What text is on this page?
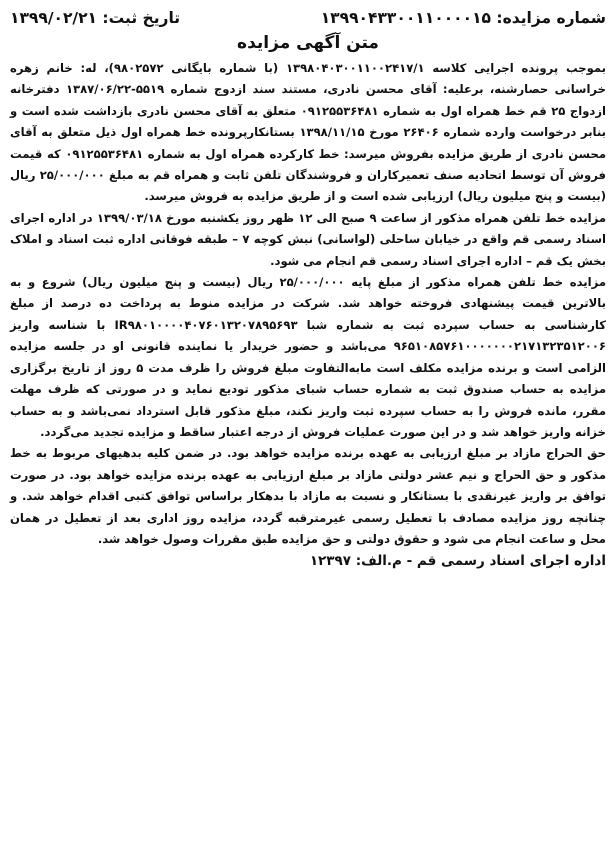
شماره مزایده: ۱۳۹۹۰۴۳۳۰۰۱۱۰۰۰۰۱۵
تاریخ ثبت: ۱۳۹۹/۰۲/۲۱
متن آگهی مزایده

بموجب پرونده اجرایی کلاسه ۱۳۹۸۰۴۰۳۰۰۱۱۰۰۲۴۱۷/۱ (با شماره بایگانی ۹۸۰۲۵۷۲)، له: خانم زهره خراسانی حصارشنه، برعلیه: آقای محسن نادری، مستند سند ازدوج شماره ۵۵۱۹-۱۳۸۷/۰۶/۲۲ دفترخانه ازدواج ۲۵ قم خط همراه اول به شماره ۰۹۱۲۵۵۳۶۴۸۱ متعلق به آقای محسن نادری بازداشت شده است و بنابر درخواست وارده شماره ۲۶۴۰۶ مورخ ۱۳۹۸/۱۱/۱۵ بستانکارپرونده خط همراه اول ذیل متعلق به آقای محسن نادری از طریق مزایده بفروش میرسد: خط کارکرده همراه اول به شماره ۰۹۱۲۵۵۳۶۴۸۱ که قیمت فروش آن توسط اتحادیه صنف تعمیرکاران و فروشندگان تلفن ثابت و همراه قم به مبلغ ۲۵/۰۰۰/۰۰۰ ریال (بیست و پنج میلیون ریال) ارزیابی شده است و از طریق مزایده به فروش میرسد.

مزایده خط تلفن همراه مذکور از ساعت ۹ صبح الی ۱۲ ظهر روز یکشنبه مورخ ۱۳۹۹/۰۳/۱۸ در اداره اجرای اسناد رسمی قم واقع در خیابان ساحلی (لواسانی) نبش کوچه ۷ – طبقه فوقانی اداره ثبت اسناد و املاک بخش یک قم – اداره اجرای اسناد رسمی قم انجام می شود.

مزایده خط تلفن همراه مذکور از مبلغ پایه ۲۵/۰۰۰/۰۰۰ ریال (بیست و پنج میلیون ریال) شروع و به بالاترین قیمت پیشنهادی فروخته خواهد شد. شرکت در مزایده منوط به پرداخت ده درصد از مبلغ کارشناسی به حساب سپرده ثبت به شماره شبا IR۹۸۰۱۰۰۰۰۴۰۷۶۰۱۳۲۰۷۸۹۵۶۹۳ با شناسه واریز ۹۶۵۱۰۸۵۷۶۱۰۰۰۰۰۰۰۲۱۷۱۳۲۳۵۱۲۰۰۶ می‌باشد و حضور خریدار یا نماینده قانونی او در جلسه مزایده الزامی است و برنده مزایده مکلف است مابه‌التفاوت مبلغ فروش را ظرف مدت ۵ روز از تاریخ برگزاری مزایده به حساب صندوق ثبت به شماره حساب شبای مذکور تودیع نماید و در صورتی که ظرف مهلت مقرر، مانده فروش را به حساب سپرده ثبت واریز نکند، مبلغ مذکور قابل استرداد نمی‌باشد و به حساب خزانه واریز خواهد شد و در این صورت عملیات فروش از درجه اعتبار ساقط و مزایده تجدید می‌گردد.

حق الحراج مازاد بر مبلغ ارزیابی به عهده برنده مزایده خواهد بود. در ضمن کلیه بدهیهای مربوط به خط مذکور و حق الحراج و نیم عشر دولتی مازاد بر مبلغ ارزیابی به عهده برنده مزایده خواهد بود. در صورت توافق بر واریز غیرنقدی با بستانکار و نسبت به مازاد با بدهکار براساس توافق کتبی اقدام خواهد شد. و چنانچه روز مزایده مصادف با تعطیل رسمی غیرمترقبه گردد، مزایده روز اداری بعد از تعطیل در همان محل و ساعت انجام می شود و حقوق دولتی و حق مزایده طبق مقررات وصول خواهد شد.

اداره اجرای اسناد رسمی قم - م.الف: ۱۲۳۹۷
